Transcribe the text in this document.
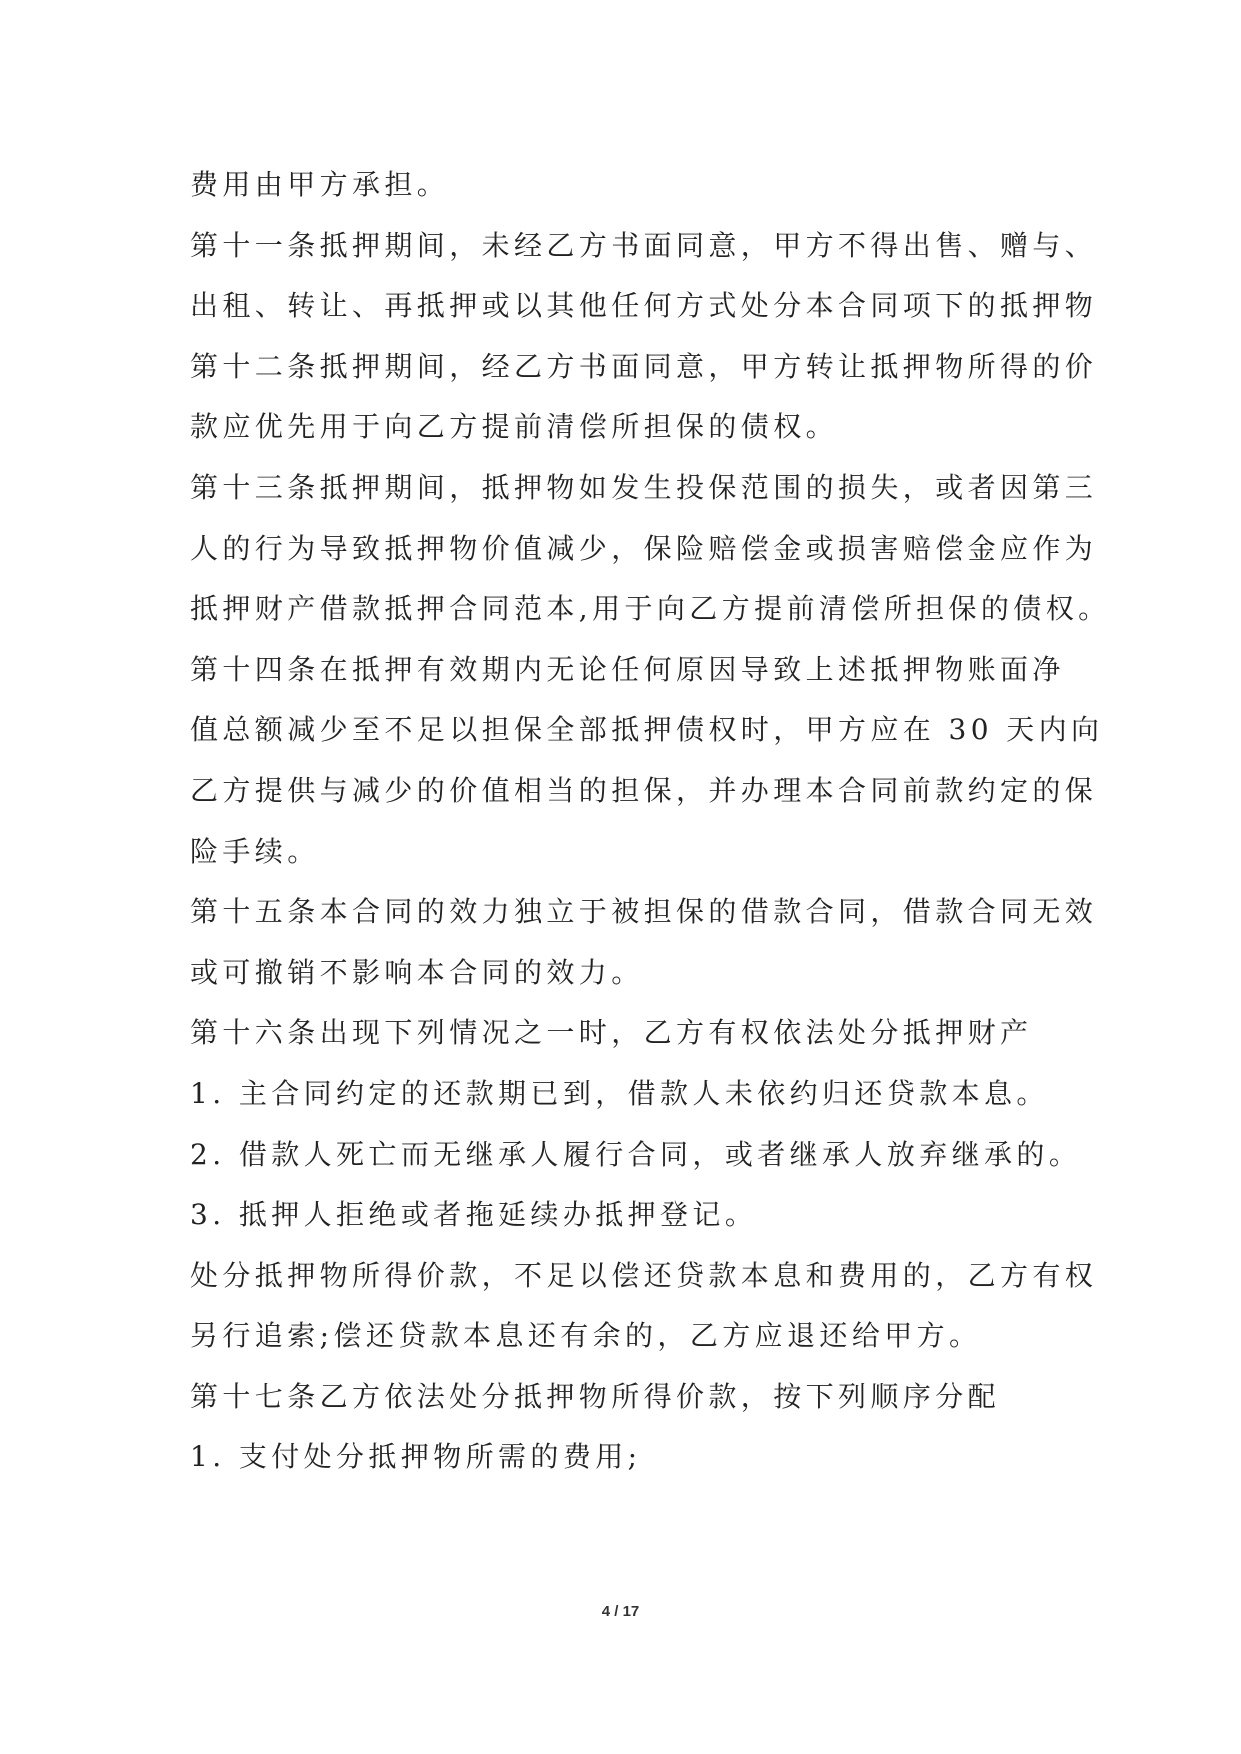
费用由甲方承担。
第十一条抵押期间，未经乙方书面同意，甲方不得出售、赠与、
出租、转让、再抵押或以其他任何方式处分本合同项下的抵押物
第十二条抵押期间，经乙方书面同意，甲方转让抵押物所得的价
款应优先用于向乙方提前清偿所担保的债权。
第十三条抵押期间，抵押物如发生投保范围的损失，或者因第三
人的行为导致抵押物价值减少，保险赔偿金或损害赔偿金应作为
抵押财产借款抵押合同范本,用于向乙方提前清偿所担保的债权。
第十四条在抵押有效期内无论任何原因导致上述抵押物账面净
值总额减少至不足以担保全部抵押债权时，甲方应在 30 天内向
乙方提供与减少的价值相当的担保，并办理本合同前款约定的保
险手续。
第十五条本合同的效力独立于被担保的借款合同，借款合同无效
或可撤销不影响本合同的效力。
第十六条出现下列情况之一时，乙方有权依法处分抵押财产
1. 主合同约定的还款期已到，借款人未依约归还贷款本息。
2. 借款人死亡而无继承人履行合同，或者继承人放弃继承的。
3. 抵押人拒绝或者拖延续办抵押登记。
处分抵押物所得价款，不足以偿还贷款本息和费用的，乙方有权
另行追索;偿还贷款本息还有余的，乙方应退还给甲方。
第十七条乙方依法处分抵押物所得价款，按下列顺序分配
1. 支付处分抵押物所需的费用;
4 / 17
